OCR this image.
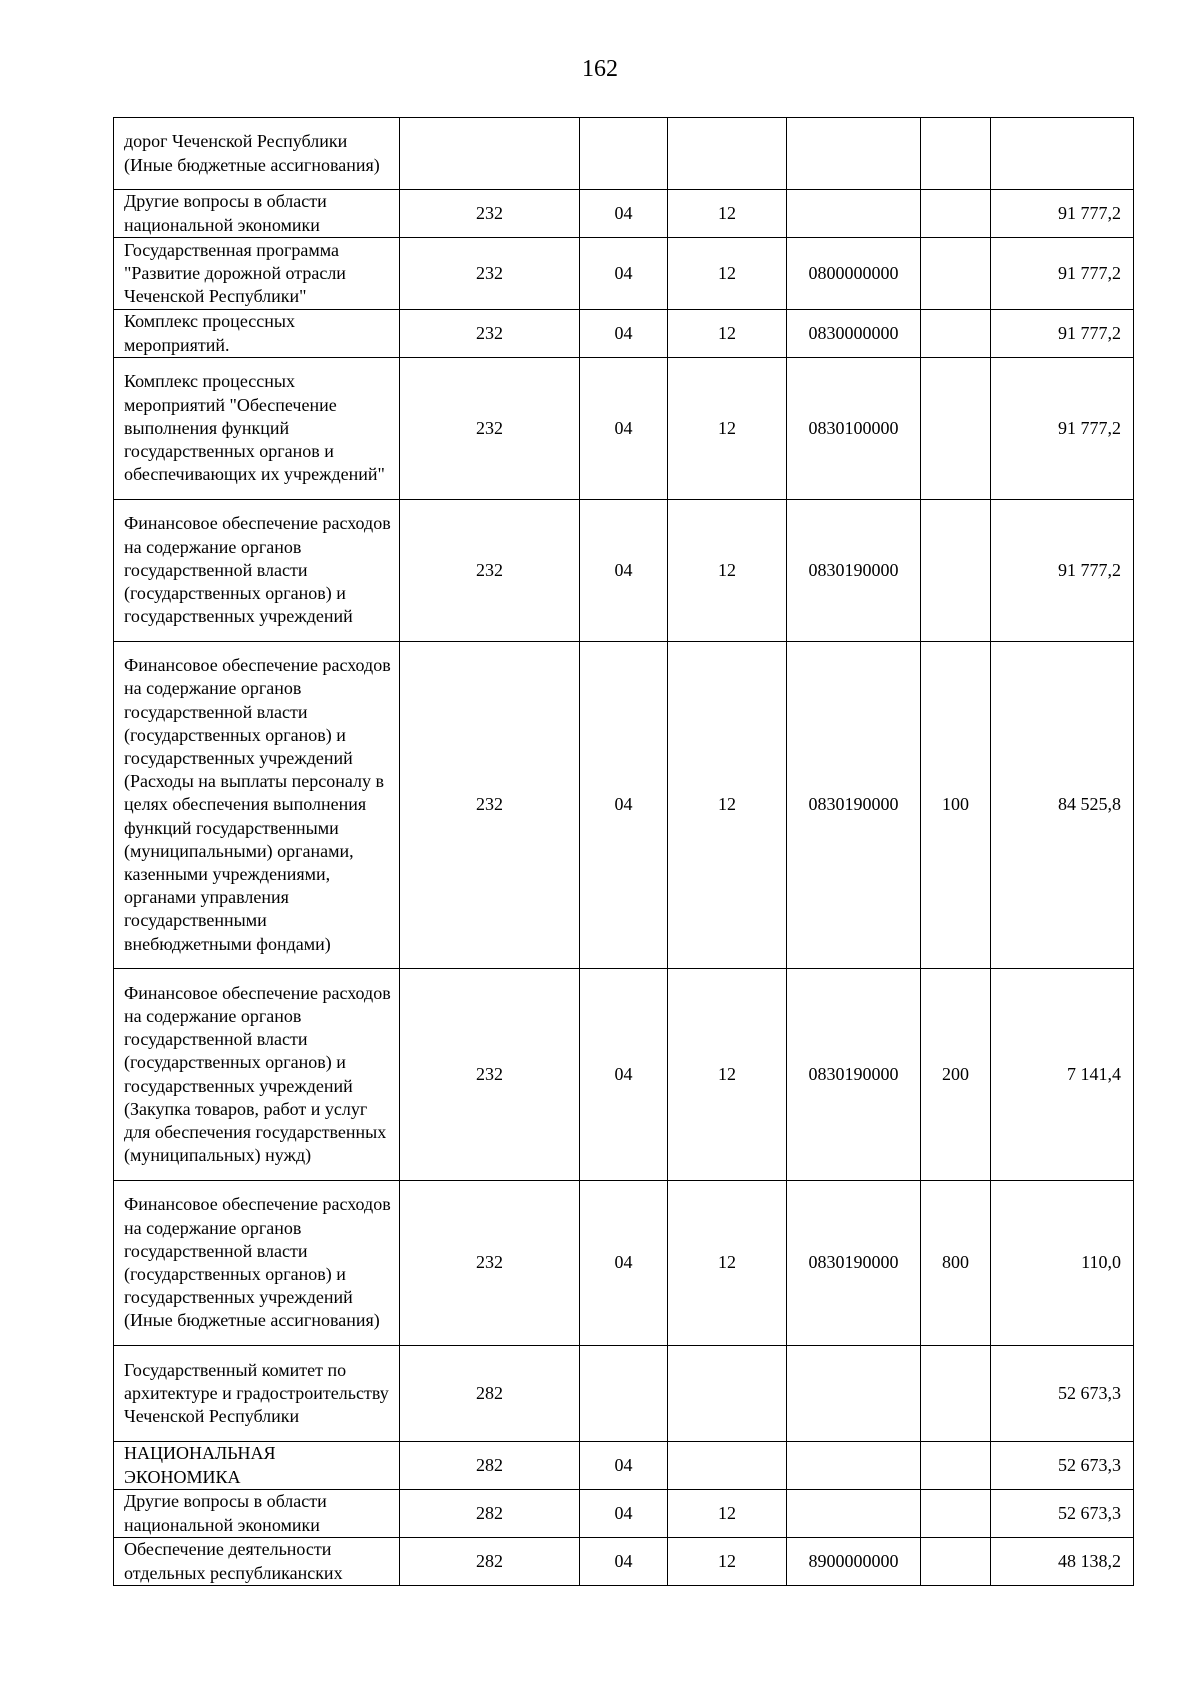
162
дорог Чеченской Республики (Иные бюджетные ассигнования)						
Другие вопросы в области национальной экономики	232	04	12			91 777,2
Государственная программа "Развитие дорожной отрасли Чеченской Республики"	232	04	12	0800000000		91 777,2
Комплекс процессных мероприятий.	232	04	12	0830000000		91 777,2
Комплекс процессных мероприятий "Обеспечение выполнения функций государственных органов и обеспечивающих их учреждений"	232	04	12	0830100000		91 777,2
Финансовое обеспечение расходов на содержание органов государственной власти (государственных органов) и государственных учреждений	232	04	12	0830190000		91 777,2
Финансовое обеспечение расходов на содержание органов государственной власти (государственных органов) и государственных учреждений (Расходы на выплаты персоналу в целях обеспечения выполнения функций государственными (муниципальными) органами, казенными учреждениями, органами управления государственными внебюджетными фондами)	232	04	12	0830190000	100	84 525,8
Финансовое обеспечение расходов на содержание органов государственной власти (государственных органов) и государственных учреждений (Закупка товаров, работ и услуг для обеспечения государственных (муниципальных) нужд)	232	04	12	0830190000	200	7 141,4
Финансовое обеспечение расходов на содержание органов государственной власти (государственных органов) и государственных учреждений (Иные бюджетные ассигнования)	232	04	12	0830190000	800	110,0
Государственный комитет по архитектуре и градостроительству Чеченской Республики	282					52 673,3
НАЦИОНАЛЬНАЯ ЭКОНОМИКА	282	04				52 673,3
Другие вопросы в области национальной экономики	282	04	12			52 673,3
Обеспечение деятельности отдельных республиканских	282	04	12	8900000000		48 138,2
